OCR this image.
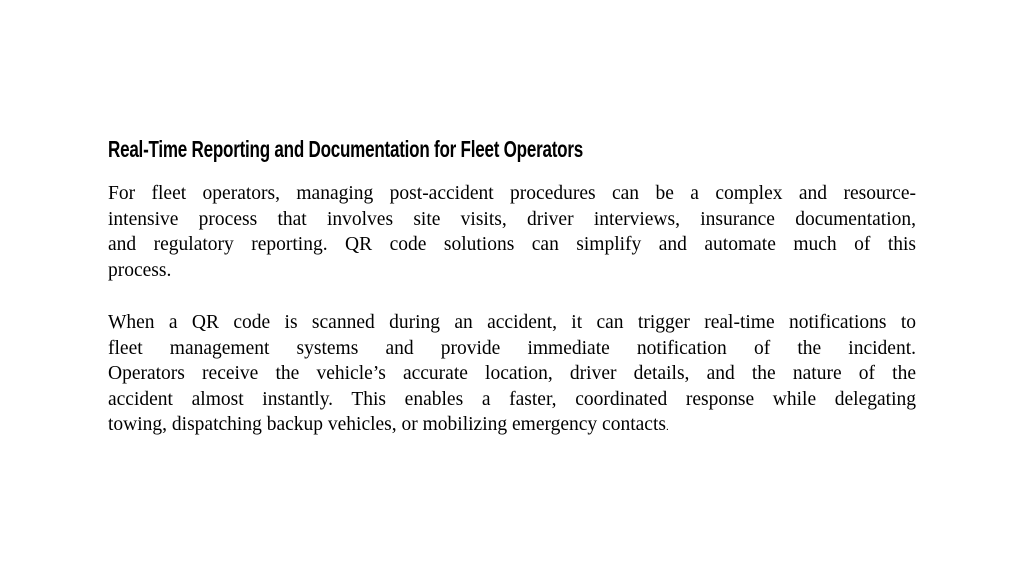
Real-Time Reporting and Documentation for Fleet Operators
For fleet operators, managing post-accident procedures can be a complex and resource-
intensive process that involves site visits, driver interviews, insurance documentation,
and regulatory reporting. QR code solutions can simplify and automate much of this
process.
When a QR code is scanned during an accident, it can trigger real-time notifications to
fleet management systems and provide immediate notification of the incident.
Operators receive the vehicle’s accurate location, driver details, and the nature of the
accident almost instantly. This enables a faster, coordinated response while delegating
towing, dispatching backup vehicles, or mobilizing emergency contacts.
